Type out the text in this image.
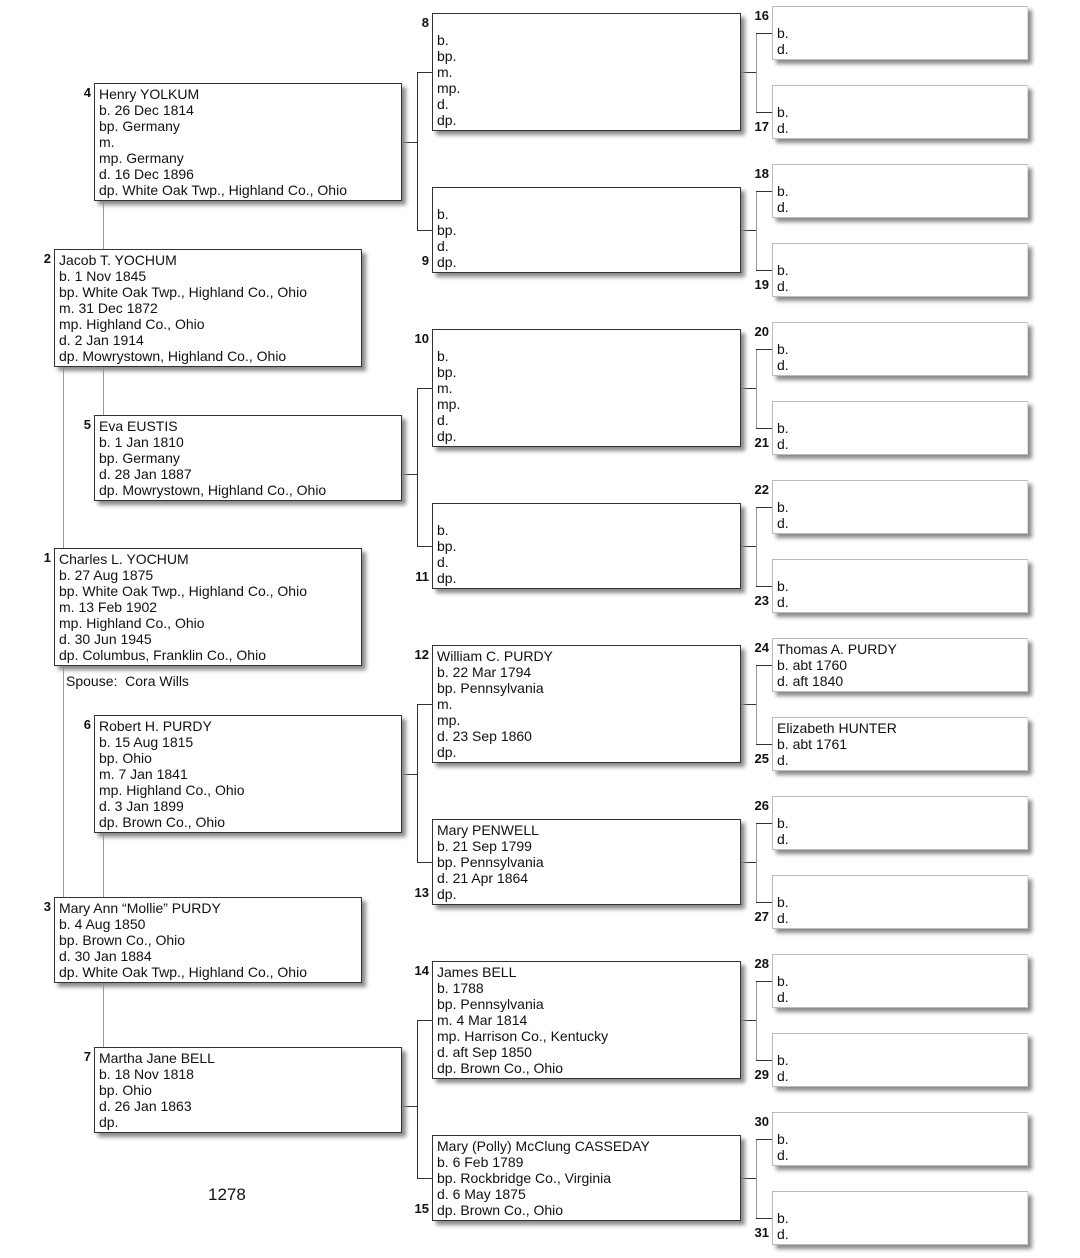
Spouse: Cora Wills
1278
Charles L. YOCHUM
b. 27 Aug 1875
bp. White Oak Twp., Highland Co., Ohio
m. 13 Feb 1902
mp. Highland Co., Ohio
d. 30 Jun 1945
dp. Columbus, Franklin Co., Ohio
1
Jacob T. YOCHUM
b. 1 Nov 1845
bp. White Oak Twp., Highland Co., Ohio
m. 31 Dec 1872
mp. Highland Co., Ohio
d. 2 Jan 1914
dp. Mowrystown, Highland Co., Ohio
2
Mary Ann “Mollie” PURDY
b. 4 Aug 1850
bp. Brown Co., Ohio
d. 30 Jan 1884
dp. White Oak Twp., Highland Co., Ohio
3
Henry YOLKUM
b. 26 Dec 1814
bp. Germany
m.
mp. Germany
d. 16 Dec 1896
dp. White Oak Twp., Highland Co., Ohio
4
Eva EUSTIS
b. 1 Jan 1810
bp. Germany
d. 28 Jan 1887
dp. Mowrystown, Highland Co., Ohio
5
Robert H. PURDY
b. 15 Aug 1815
bp. Ohio
m. 7 Jan 1841
mp. Highland Co., Ohio
d. 3 Jan 1899
dp. Brown Co., Ohio
6
Martha Jane BELL
b. 18 Nov 1818
bp. Ohio
d. 26 Jan 1863
dp.
7
b.
bp.
m.
mp.
d.
dp.
8
b.
bp.
d.
dp.
9
b.
bp.
m.
mp.
d.
dp.
10
b.
bp.
d.
dp.
11
William C. PURDY
b. 22 Mar 1794
bp. Pennsylvania
m.
mp.
d. 23 Sep 1860
dp.
12
Mary PENWELL
b. 21 Sep 1799
bp. Pennsylvania
d. 21 Apr 1864
dp.
13
James BELL
b. 1788
bp. Pennsylvania
m. 4 Mar 1814
mp. Harrison Co., Kentucky
d. aft Sep 1850
dp. Brown Co., Ohio
14
Mary (Polly) McClung CASSEDAY
b. 6 Feb 1789
bp. Rockbridge Co., Virginia
d. 6 May 1875
dp. Brown Co., Ohio
15
b.
d.
16
b.
d.
17
b.
d.
18
b.
d.
19
b.
d.
20
b.
d.
21
b.
d.
22
b.
d.
23
Thomas A. PURDY
b. abt 1760
d. aft 1840
24
Elizabeth HUNTER
b. abt 1761
d.
25
b.
d.
26
b.
d.
27
b.
d.
28
b.
d.
29
b.
d.
30
b.
d.
31
